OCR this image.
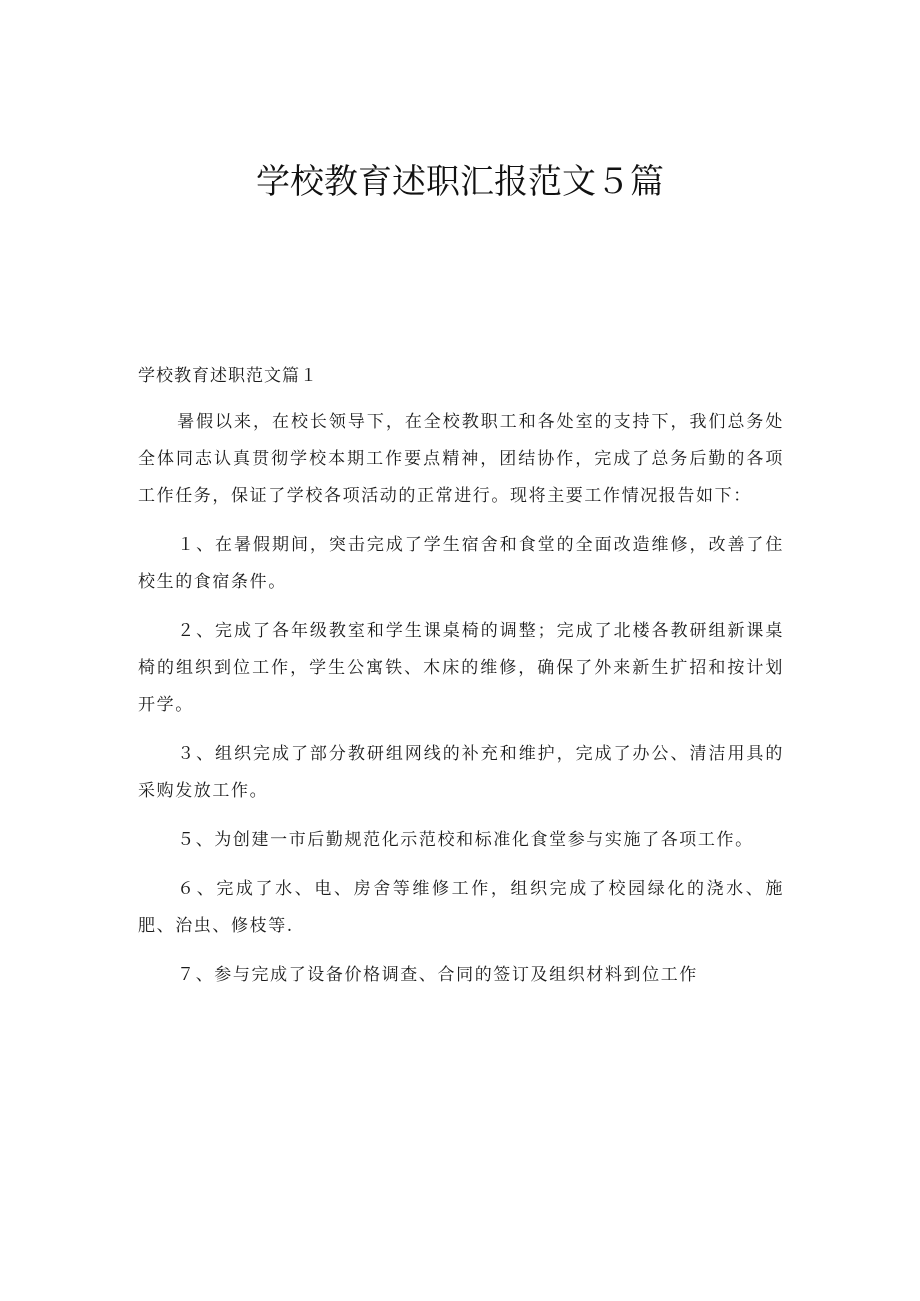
学校教育述职汇报范文５篇

学校教育述职范文篇１

暑假以来，在校长领导下，在全校教职工和各处室的支持下，我们总务处全体同志认真贯彻学校本期工作要点精神，团结协作，完成了总务后勤的各项工作任务，保证了学校各项活动的正常进行。现将主要工作情况报告如下：

１、在暑假期间，突击完成了学生宿舍和食堂的全面改造维修，改善了住校生的食宿条件。

２、完成了各年级教室和学生课桌椅的调整；完成了北楼各教研组新课桌椅的组织到位工作，学生公寓铁、木床的维修，确保了外来新生扩招和按计划开学。

３、组织完成了部分教研组网线的补充和维护，完成了办公、清洁用具的采购发放工作。

５、为创建一市后勤规范化示范校和标准化食堂参与实施了各项工作。

６、完成了水、电、房舍等维修工作，组织完成了校园绿化的浇水、施肥、治虫、修枝等.

７、参与完成了设备价格调查、合同的签订及组织材料到位工作
